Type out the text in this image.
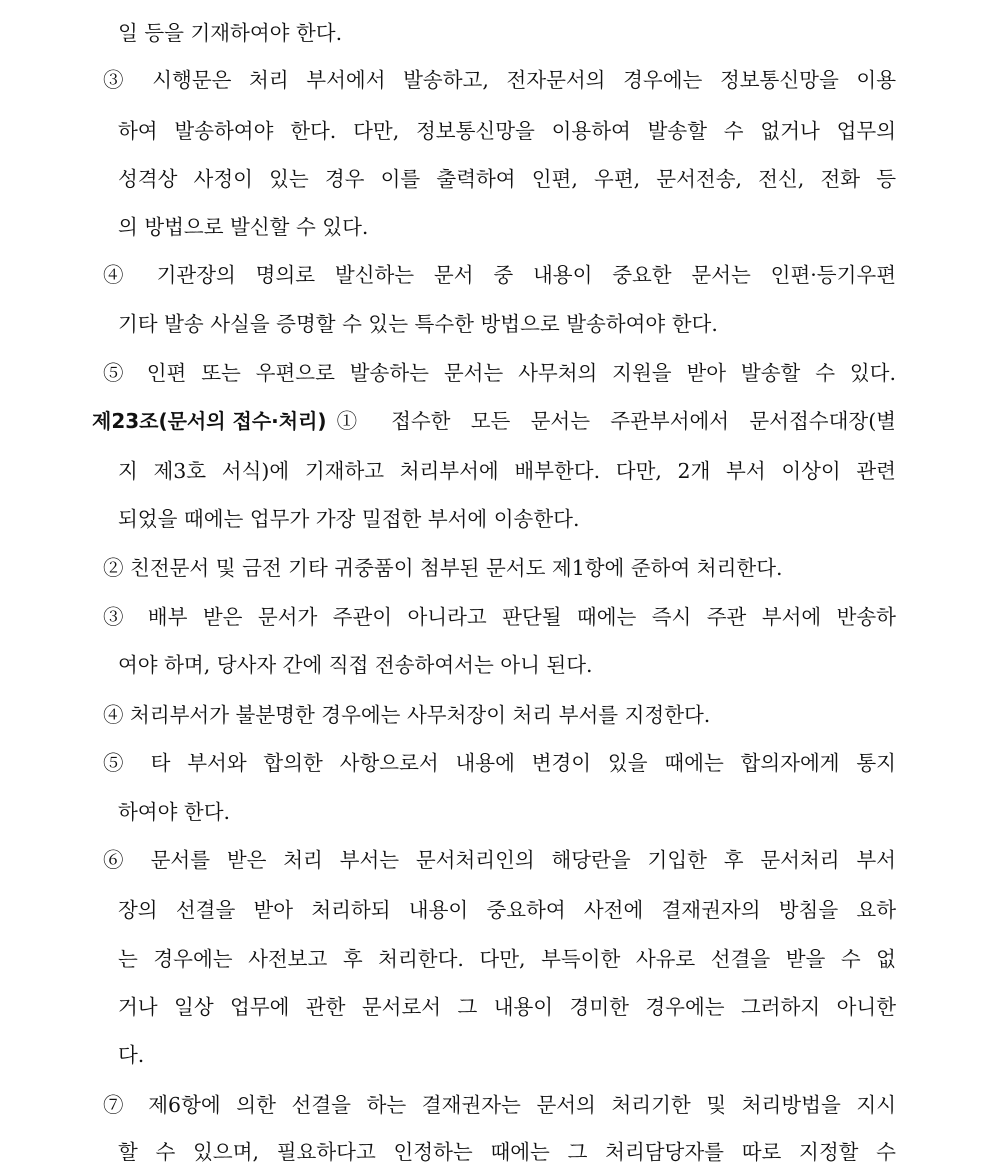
일 등을 기재하여야 한다.
③ 시행문은 처리 부서에서 발송하고, 전자문서의 경우에는 정보통신망을 이용
하여 발송하여야 한다. 다만, 정보통신망을 이용하여 발송할 수 없거나 업무의
성격상 사정이 있는 경우 이를 출력하여 인편, 우편, 문서전송, 전신, 전화 등
의 방법으로 발신할 수 있다.
④ 기관장의 명의로 발신하는 문서 중 내용이 중요한 문서는 인편·등기우편
기타 발송 사실을 증명할 수 있는 특수한 방법으로 발송하여야 한다.
⑤ 인편 또는 우편으로 발송하는 문서는 사무처의 지원을 받아 발송할 수 있다.
제23조(문서의 접수·처리) ① 접수한 모든 문서는 주관부서에서 문서접수대장(별
지 제3호 서식)에 기재하고 처리부서에 배부한다. 다만, 2개 부서 이상이 관련
되었을 때에는 업무가 가장 밀접한 부서에 이송한다.
② 친전문서 및 금전 기타 귀중품이 첨부된 문서도 제1항에 준하여 처리한다.
③ 배부 받은 문서가 주관이 아니라고 판단될 때에는 즉시 주관 부서에 반송하
여야 하며, 당사자 간에 직접 전송하여서는 아니 된다.
④ 처리부서가 불분명한 경우에는 사무처장이 처리 부서를 지정한다.
⑤ 타 부서와 합의한 사항으로서 내용에 변경이 있을 때에는 합의자에게 통지
하여야 한다.
⑥ 문서를 받은 처리 부서는 문서처리인의 해당란을 기입한 후 문서처리 부서
장의 선결을 받아 처리하되 내용이 중요하여 사전에 결재권자의 방침을 요하
는 경우에는 사전보고 후 처리한다. 다만, 부득이한 사유로 선결을 받을 수 없
거나 일상 업무에 관한 문서로서 그 내용이 경미한 경우에는 그러하지 아니한
다.
⑦ 제6항에 의한 선결을 하는 결재권자는 문서의 처리기한 및 처리방법을 지시
할 수 있으며, 필요하다고 인정하는 때에는 그 처리담당자를 따로 지정할 수
